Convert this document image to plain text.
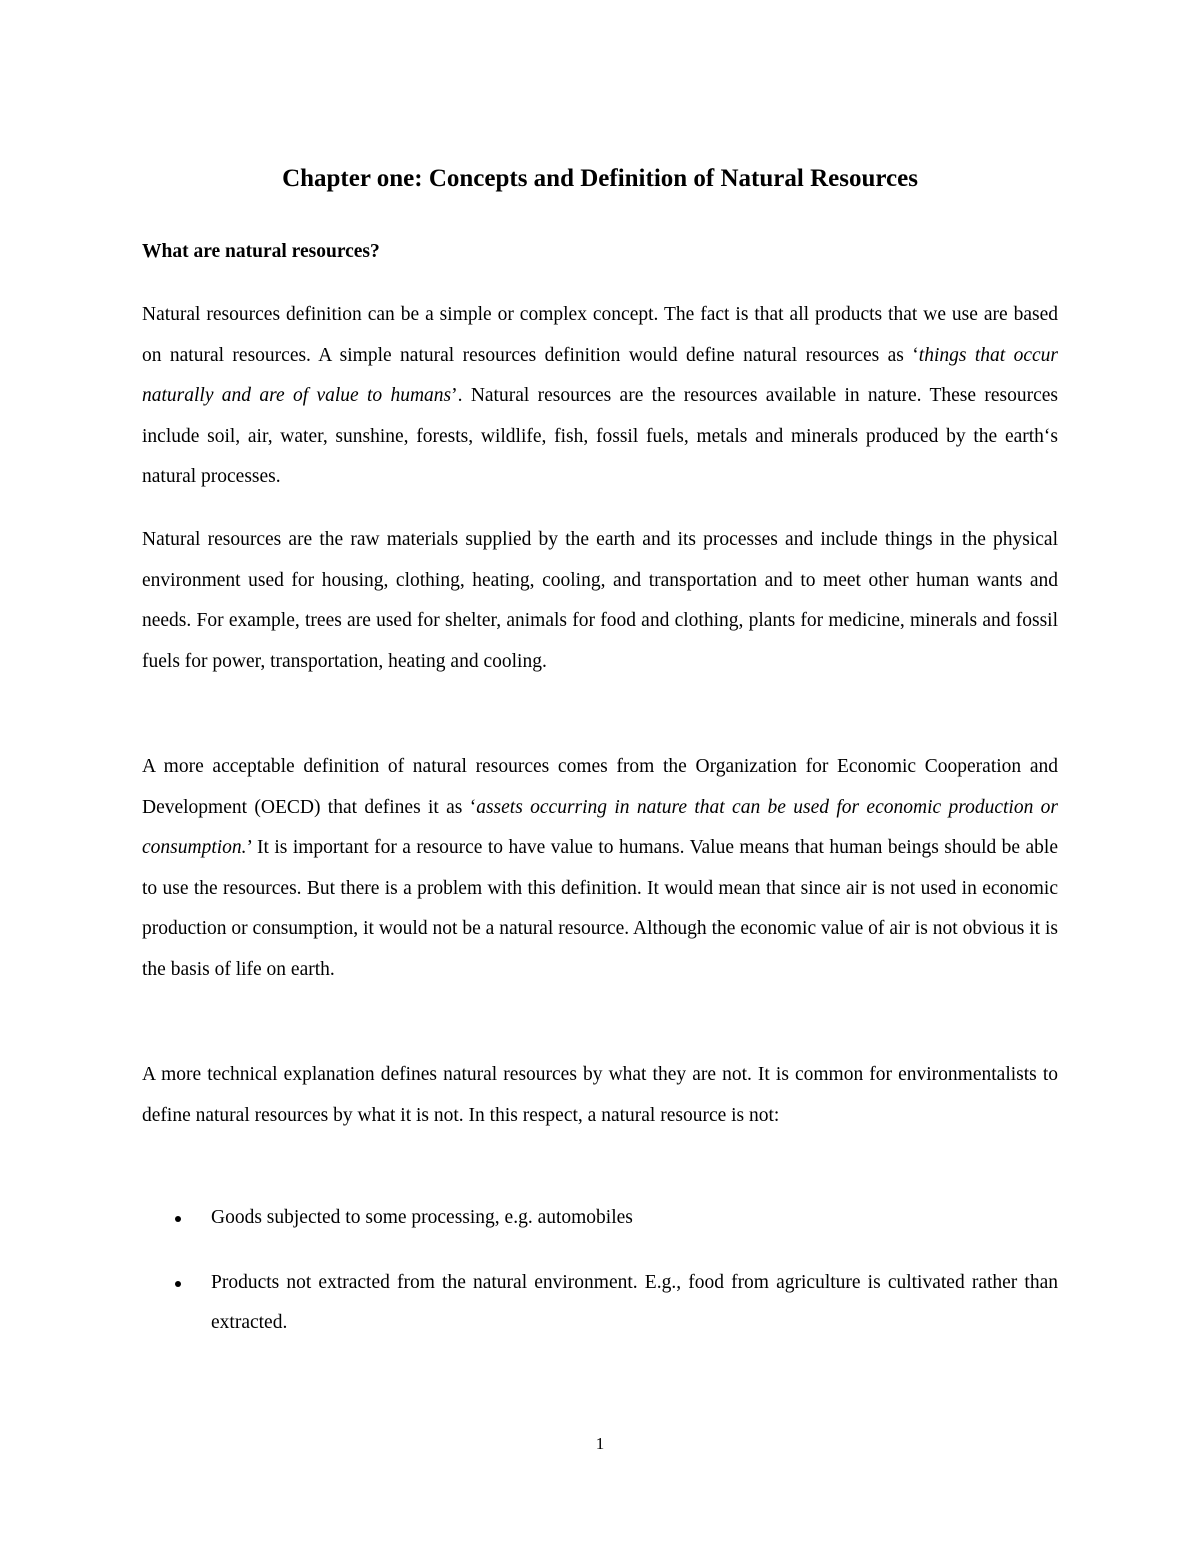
Chapter one: Concepts and Definition of Natural Resources
What are natural resources?

Natural resources definition can be a simple or complex concept. The fact is that all products that we use are based on natural resources. A simple natural resources definition would define natural resources as ‘things that occur naturally and are of value to humans’. Natural resources are the resources available in nature. These resources include soil, air, water, sunshine, forests, wildlife, fish, fossil fuels, metals and minerals produced by the earth‘s natural processes.

Natural resources are the raw materials supplied by the earth and its processes and include things in the physical environment used for housing, clothing, heating, cooling, and transportation and to meet other human wants and needs. For example, trees are used for shelter, animals for food and clothing, plants for medicine, minerals and fossil fuels for power, transportation, heating and cooling.

A more acceptable definition of natural resources comes from the Organization for Economic Cooperation and Development (OECD) that defines it as ‘assets occurring in nature that can be used for economic production or consumption.’ It is important for a resource to have value to humans. Value means that human beings should be able to use the resources. But there is a problem with this definition. It would mean that since air is not used in economic production or consumption, it would not be a natural resource. Although the economic value of air is not obvious it is the basis of life on earth.

A more technical explanation defines natural resources by what they are not. It is common for environmentalists to define natural resources by what it is not. In this respect, a natural resource is not:

Goods subjected to some processing, e.g. automobiles
Products not extracted from the natural environment. E.g., food from agriculture is cultivated rather than extracted.

1
